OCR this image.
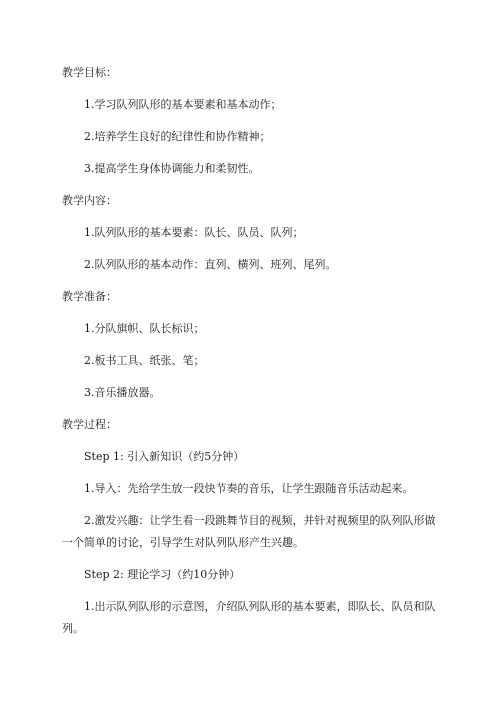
教学目标：

1.学习队列队形的基本要素和基本动作；

2.培养学生良好的纪律性和协作精神；

3.提高学生身体协调能力和柔韧性。

教学内容：

1.队列队形的基本要素：队长、队员、队列；

2.队列队形的基本动作：直列、横列、班列、尾列。

教学准备：

1.分队旗帜、队长标识；

2.板书工具、纸张、笔；

3.音乐播放器。

教学过程：

Step 1: 引入新知识（约5分钟）

1.导入：先给学生放一段快节奏的音乐，让学生跟随音乐活动起来。

2.激发兴趣：让学生看一段跳舞节目的视频，并针对视频里的队列队形做一个简单的讨论，引导学生对队列队形产生兴趣。

Step 2: 理论学习（约10分钟）

1.出示队列队形的示意图，介绍队列队形的基本要素，即队长、队员和队列。
